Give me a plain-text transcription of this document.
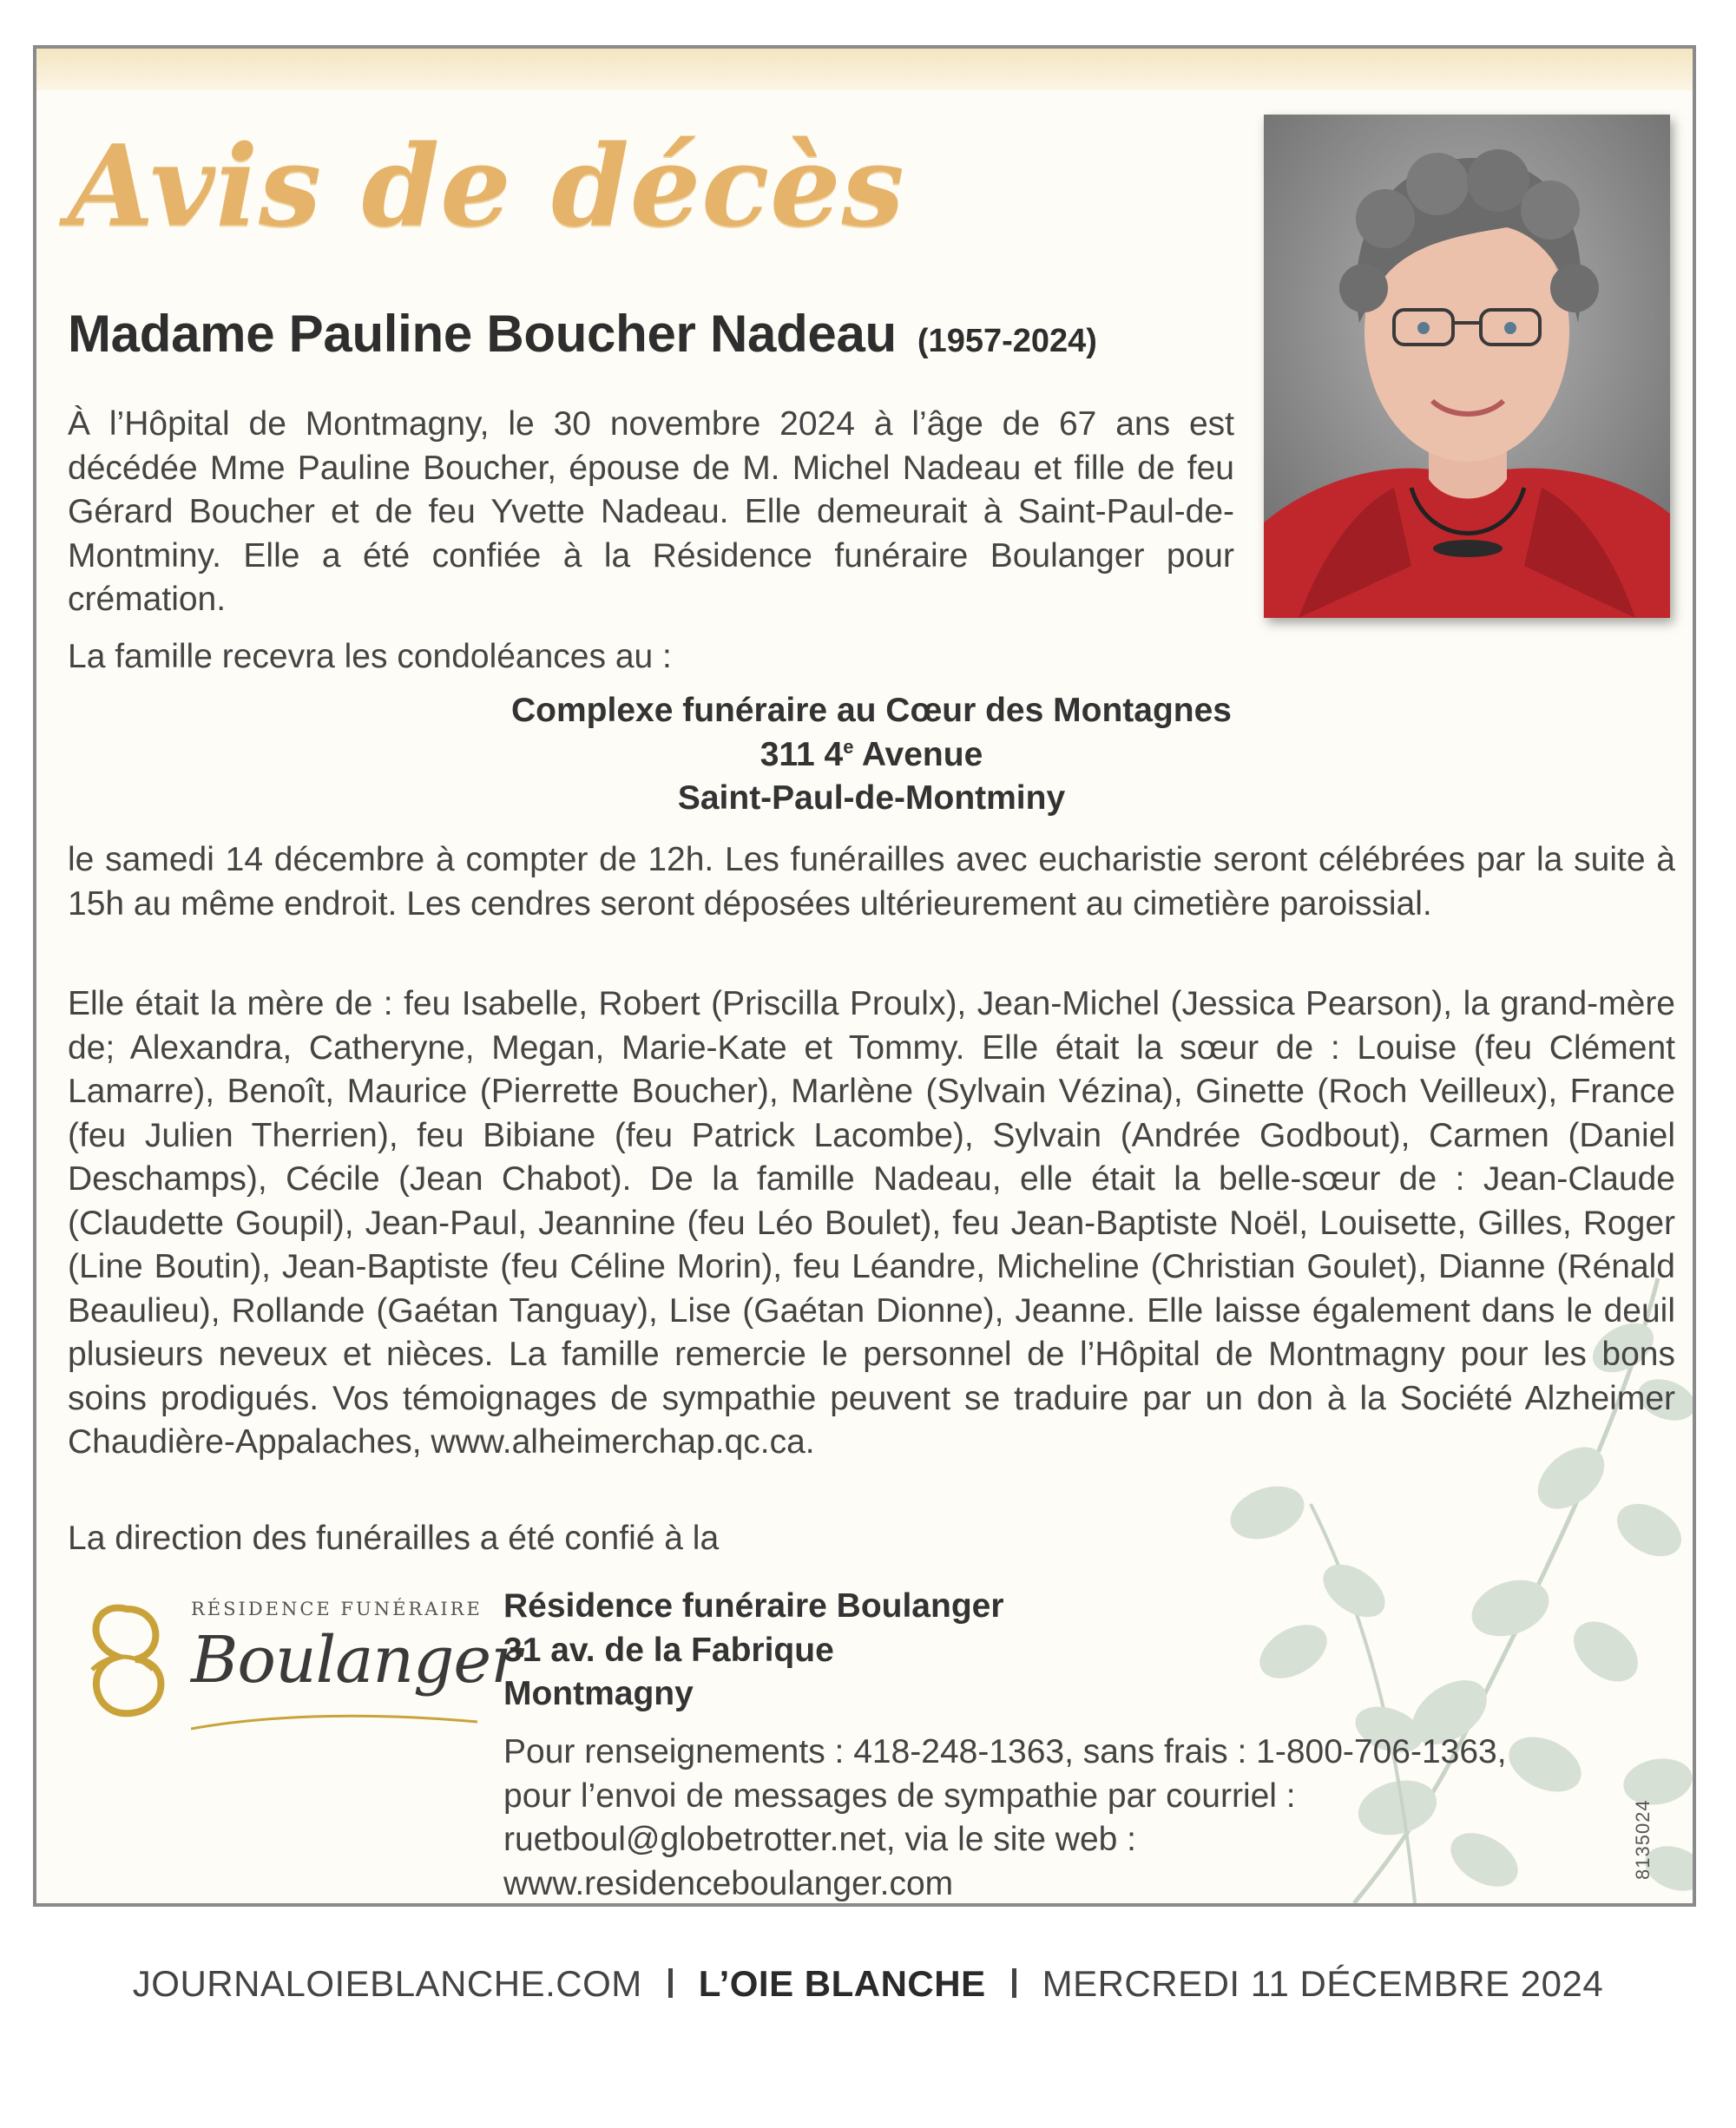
Avis de décès
Madame Pauline Boucher Nadeau (1957-2024)

À l’Hôpital de Montmagny, le 30 novembre 2024 à l’âge de 67 ans est décédée Mme Pauline Boucher, épouse de M. Michel Nadeau et fille de feu Gérard Boucher et de feu Yvette Nadeau. Elle demeurait à Saint-Paul-de-Montminy. Elle a été confiée à la Résidence funéraire Boulanger pour crémation.

La famille recevra les condoléances au :

Complexe funéraire au Cœur des Montagnes
311 4e Avenue
Saint-Paul-de-Montminy

le samedi 14 décembre à compter de 12h. Les funérailles avec eucharistie seront célébrées par la suite à 15h au même endroit. Les cendres seront déposées ultérieurement au cimetière paroissial.

Elle était la mère de : feu Isabelle, Robert (Priscilla Proulx), Jean-Michel (Jessica Pearson), la grand-mère de; Alexandra, Catheryne, Megan, Marie-Kate et Tommy. Elle était la sœur de : Louise (feu Clément Lamarre), Benoît, Maurice (Pierrette Boucher), Marlène (Sylvain Vézina), Ginette (Roch Veilleux), France (feu Julien Therrien), feu Bibiane (feu Patrick Lacombe), Sylvain (Andrée Godbout), Carmen (Daniel Deschamps), Cécile (Jean Chabot). De la famille Nadeau, elle était la belle-sœur de : Jean-Claude (Claudette Goupil), Jean-Paul, Jeannine (feu Léo Boulet), feu Jean-Baptiste Noël, Louisette, Gilles, Roger (Line Boutin), Jean-Baptiste (feu Céline Morin), feu Léandre, Micheline (Christian Goulet), Dianne (Rénald Beaulieu), Rollande (Gaétan Tanguay), Lise (Gaétan Dionne), Jeanne. Elle laisse également dans le deuil plusieurs neveux et nièces. La famille remercie le personnel de l’Hôpital de Montmagny pour les bons soins prodigués. Vos témoignages de sympathie peuvent se traduire par un don à la Société Alzheimer Chaudière-Appalaches, www.alheimerchap.qc.ca.

La direction des funérailles a été confié à la

RÉSIDENCE FUNÉRAIRE
Boulanger
Résidence funéraire Boulanger
31 av. de la Fabrique
Montmagny
Pour renseignements : 418-248-1363, sans frais : 1-800-706-1363,
pour l’envoi de messages de sympathie par courriel :
ruetboul@globetrotter.net, via le site web :
www.residenceboulanger.com
8135024
JOURNALOIEBLANCHE.COM L’OIE BLANCHE MERCREDI 11 DÉCEMBRE 2024
